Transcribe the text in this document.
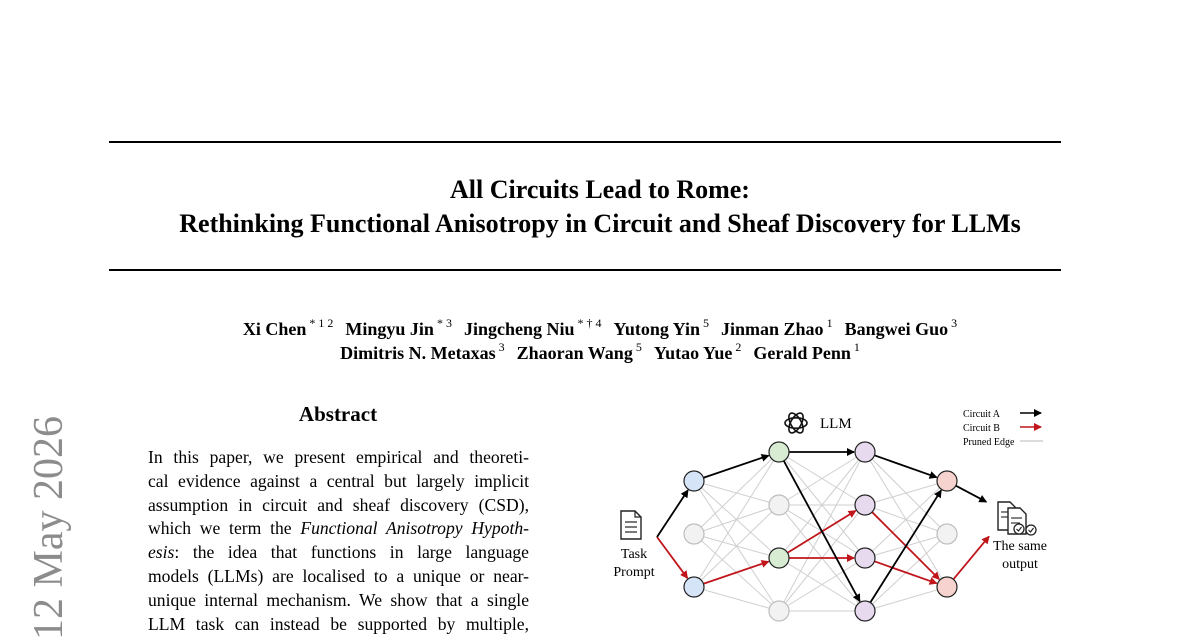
All Circuits Lead to Rome:
Rethinking Functional Anisotropy in Circuit and Sheaf Discovery for LLMs
Xi Chen $^{* 1 2}$ Mingyu Jin $^{* 3}$ Jingcheng Niu $^{* \dagger 4}$ Yutong Yin $^5$ Jinman Zhao $^1$ Bangwei Guo $^3$
Dimitris N. Metaxas $^3$ Zhaoran Wang $^5$ Yutao Yue $^2$ Gerald Penn $^1$
12 May 2026
Abstract
In this paper, we present empirical and theoreti-
cal evidence against a central but largely implicit
assumption in circuit and sheaf discovery (CSD),
which we term the Functional Anisotropy Hypoth-
esis: the idea that functions in large language
models (LLMs) are localised to a unique or near-
unique internal mechanism. We show that a single
LLM task can instead be supported by multiple,
LLM
Task
Prompt
The same
output
Circuit A
Circuit B
Pruned Edge
